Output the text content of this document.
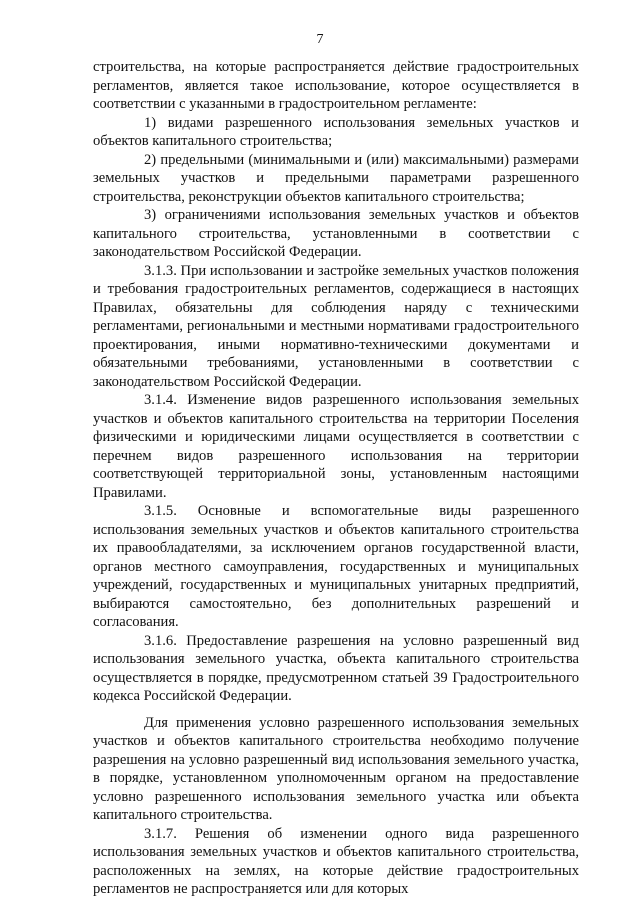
7

строительства, на которые распространяется действие градостроительных регламентов, является такое использование, которое осуществляется в соответствии с указанными в градостроительном регламенте:

1) видами разрешенного использования земельных участков и объектов капитального строительства;

2) предельными (минимальными и (или) максимальными) размерами земельных участков и предельными параметрами разрешенного строительства, реконструкции объектов капитального строительства;

3) ограничениями использования земельных участков и объектов капитального строительства, установленными в соответствии с законодательством Российской Федерации.

3.1.3. При использовании и застройке земельных участков положения и требования градостроительных регламентов, содержащиеся в настоящих Правилах, обязательны для соблюдения наряду с техническими регламентами, региональными и местными нормативами градостроительного проектирования, иными нормативно-техническими документами и обязательными требованиями, установленными в соответствии с законодательством Российской Федерации.

3.1.4. Изменение видов разрешенного использования земельных участков и объектов капитального строительства на территории Поселения физическими и юридическими лицами осуществляется в соответствии с перечнем видов разрешенного использования на территории соответствующей территориальной зоны, установленным настоящими Правилами.

3.1.5. Основные и вспомогательные виды разрешенного использования земельных участков и объектов капитального строительства их правообладателями, за исключением органов государственной власти, органов местного самоуправления, государственных и муниципальных учреждений, государственных и муниципальных унитарных предприятий, выбираются самостоятельно, без дополнительных разрешений и согласования.

3.1.6. Предоставление разрешения на условно разрешенный вид использования земельного участка, объекта капитального строительства осуществляется в порядке, предусмотренном статьей 39 Градостроительного кодекса Российской Федерации.

Для применения условно разрешенного использования земельных участков и объектов капитального строительства необходимо получение разрешения на условно разрешенный вид использования земельного участка, в порядке, установленном уполномоченным органом на предоставление условно разрешенного использования земельного участка или объекта капитального строительства.

3.1.7. Решения об изменении одного вида разрешенного использования земельных участков и объектов капитального строительства, расположенных на землях, на которые действие градостроительных регламентов не распространяется или для которых
